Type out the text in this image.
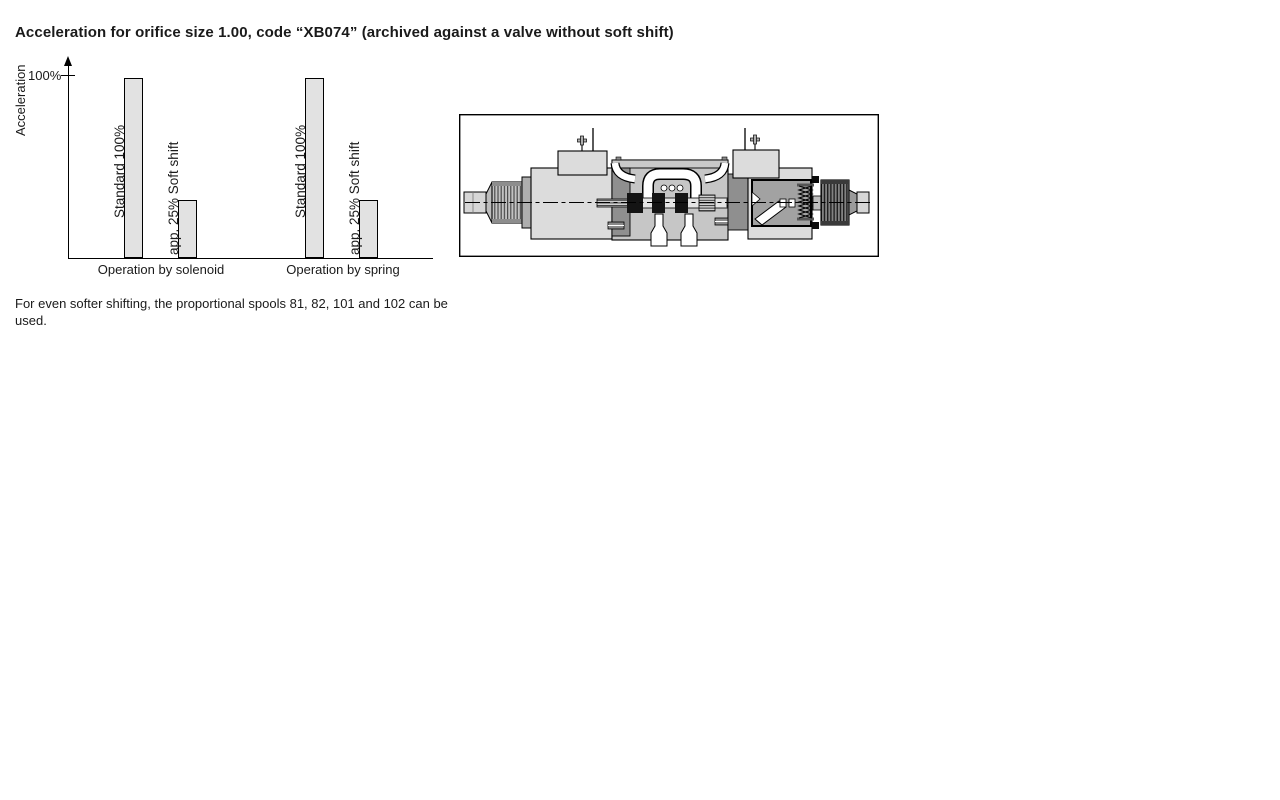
Acceleration for orifice size 1.00, code “XB074” (archived against a valve without soft shift)
Acceleration 100%
Standard 100%	app. 25% Soft shift	Standard 100%	app. 25% Soft shift
Operation by solenoid	Operation by spring
For even softer shifting, the proportional spools 81, 82, 101 and 102 can be used.
